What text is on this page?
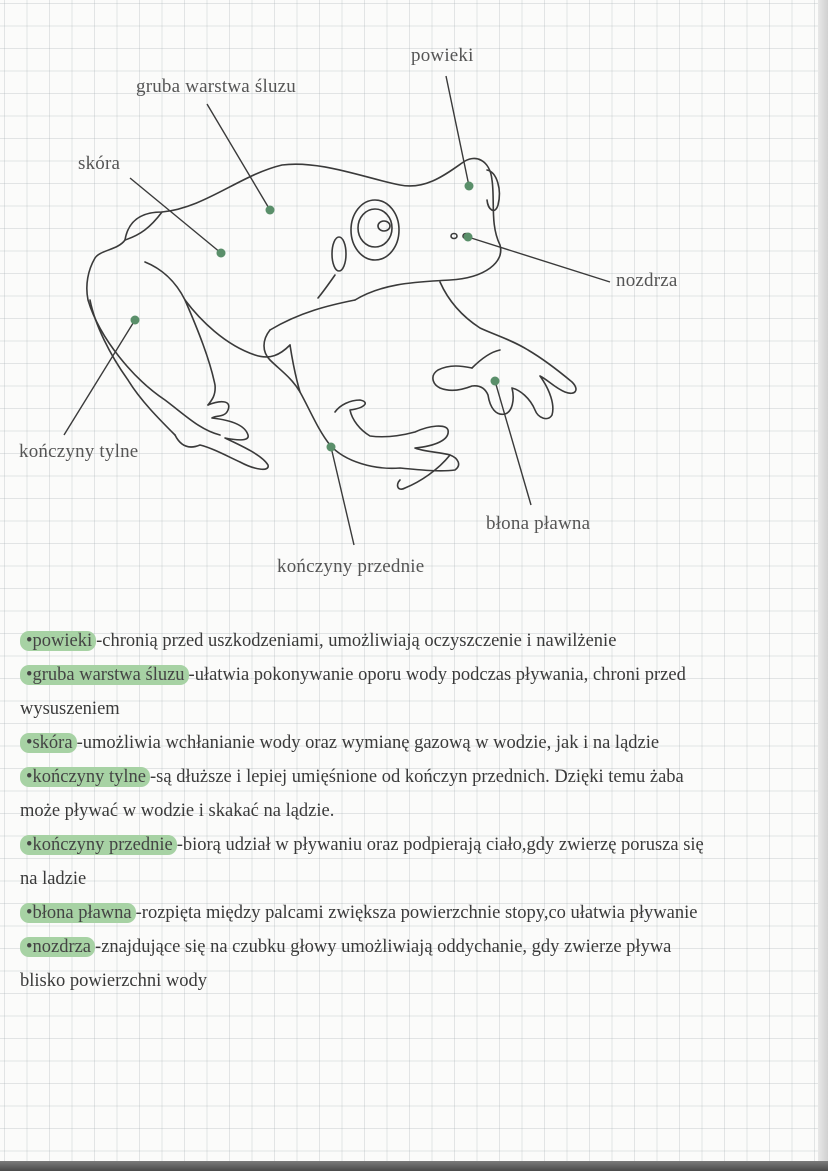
powieki
gruba warstwa śluzu
skóra
nozdrza
kończyny tylne
błona pławna
kończyny przednie

•powieki -chronią przed uszkodzeniami, umożliwiają oczyszczenie i nawilżenie

•gruba warstwa śluzu -ułatwia pokonywanie oporu wody podczas pływania, chroni przed
wysuszeniem

•skóra -umożliwia wchłanianie wody oraz wymianę gazową w wodzie, jak i na lądzie

•kończyny tylne -są dłuższe i lepiej umięśnione od kończyn przednich. Dzięki temu żaba
może pływać w wodzie i skakać na lądzie.

•kończyny przednie -biorą udział w pływaniu oraz podpierają ciało,gdy zwierzę porusza się
na ladzie

•błona pławna -rozpięta między palcami zwiększa powierzchnie stopy,co ułatwia pływanie

•nozdrza -znajdujące się na czubku głowy umożliwiają oddychanie, gdy zwierze pływa
blisko powierzchni wody
